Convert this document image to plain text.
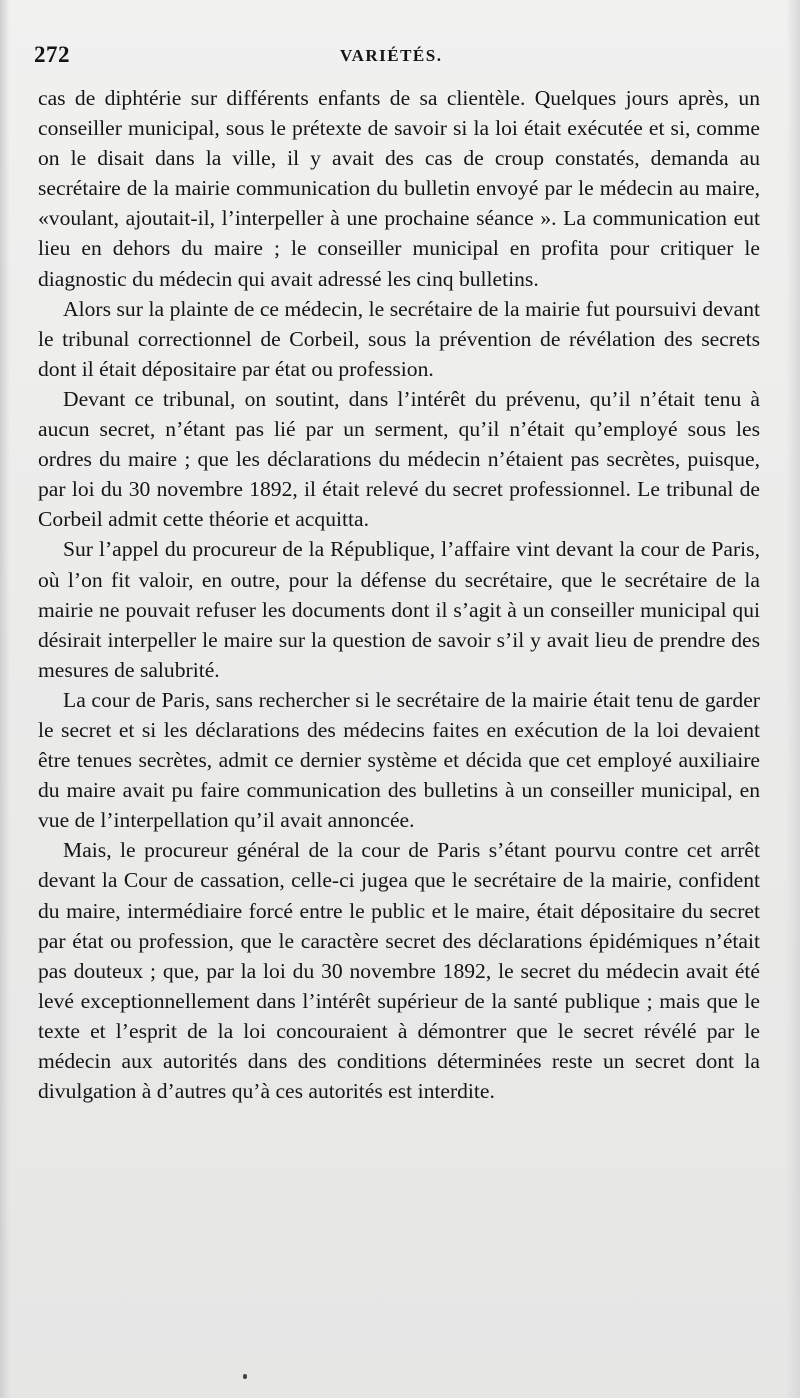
272	VARIÉTÉS.

cas de diphtérie sur différents enfants de sa clientèle. Quelques jours après, un conseiller municipal, sous le prétexte de savoir si la loi était exécutée et si, comme on le disait dans la ville, il y avait des cas de croup constatés, demanda au secrétaire de la mairie communication du bulletin envoyé par le médecin au maire, «voulant, ajoutait-il, l’interpeller à une prochaine séance ». La communication eut lieu en dehors du maire ; le conseiller municipal en profita pour critiquer le diagnostic du médecin qui avait adressé les cinq bulletins.

Alors sur la plainte de ce médecin, le secrétaire de la mairie fut poursuivi devant le tribunal correctionnel de Corbeil, sous la prévention de révélation des secrets dont il était dépositaire par état ou profession.

Devant ce tribunal, on soutint, dans l’intérêt du prévenu, qu’il n’était tenu à aucun secret, n’étant pas lié par un serment, qu’il n’était qu’employé sous les ordres du maire ; que les déclarations du médecin n’étaient pas secrètes, puisque, par loi du 30 novembre 1892, il était relevé du secret professionnel. Le tribunal de Corbeil admit cette théorie et acquitta.

Sur l’appel du procureur de la République, l’affaire vint devant la cour de Paris, où l’on fit valoir, en outre, pour la défense du secrétaire, que le secrétaire de la mairie ne pouvait refuser les documents dont il s’agit à un conseiller municipal qui désirait interpeller le maire sur la question de savoir s’il y avait lieu de prendre des mesures de salubrité.

La cour de Paris, sans rechercher si le secrétaire de la mairie était tenu de garder le secret et si les déclarations des médecins faites en exécution de la loi devaient être tenues secrètes, admit ce dernier système et décida que cet employé auxiliaire du maire avait pu faire communication des bulletins à un conseiller municipal, en vue de l’interpellation qu’il avait annoncée.

Mais, le procureur général de la cour de Paris s’étant pourvu contre cet arrêt devant la Cour de cassation, celle-ci jugea que le secrétaire de la mairie, confident du maire, intermédiaire forcé entre le public et le maire, était dépositaire du secret par état ou profession, que le caractère secret des déclarations épidémiques n’était pas douteux ; que, par la loi du 30 novembre 1892, le secret du médecin avait été levé exceptionnellement dans l’intérêt supérieur de la santé publique ; mais que le texte et l’esprit de la loi concouraient à démontrer que le secret révélé par le médecin aux autorités dans des conditions déterminées reste un secret dont la divulgation à d’autres qu’à ces autorités est interdite.
